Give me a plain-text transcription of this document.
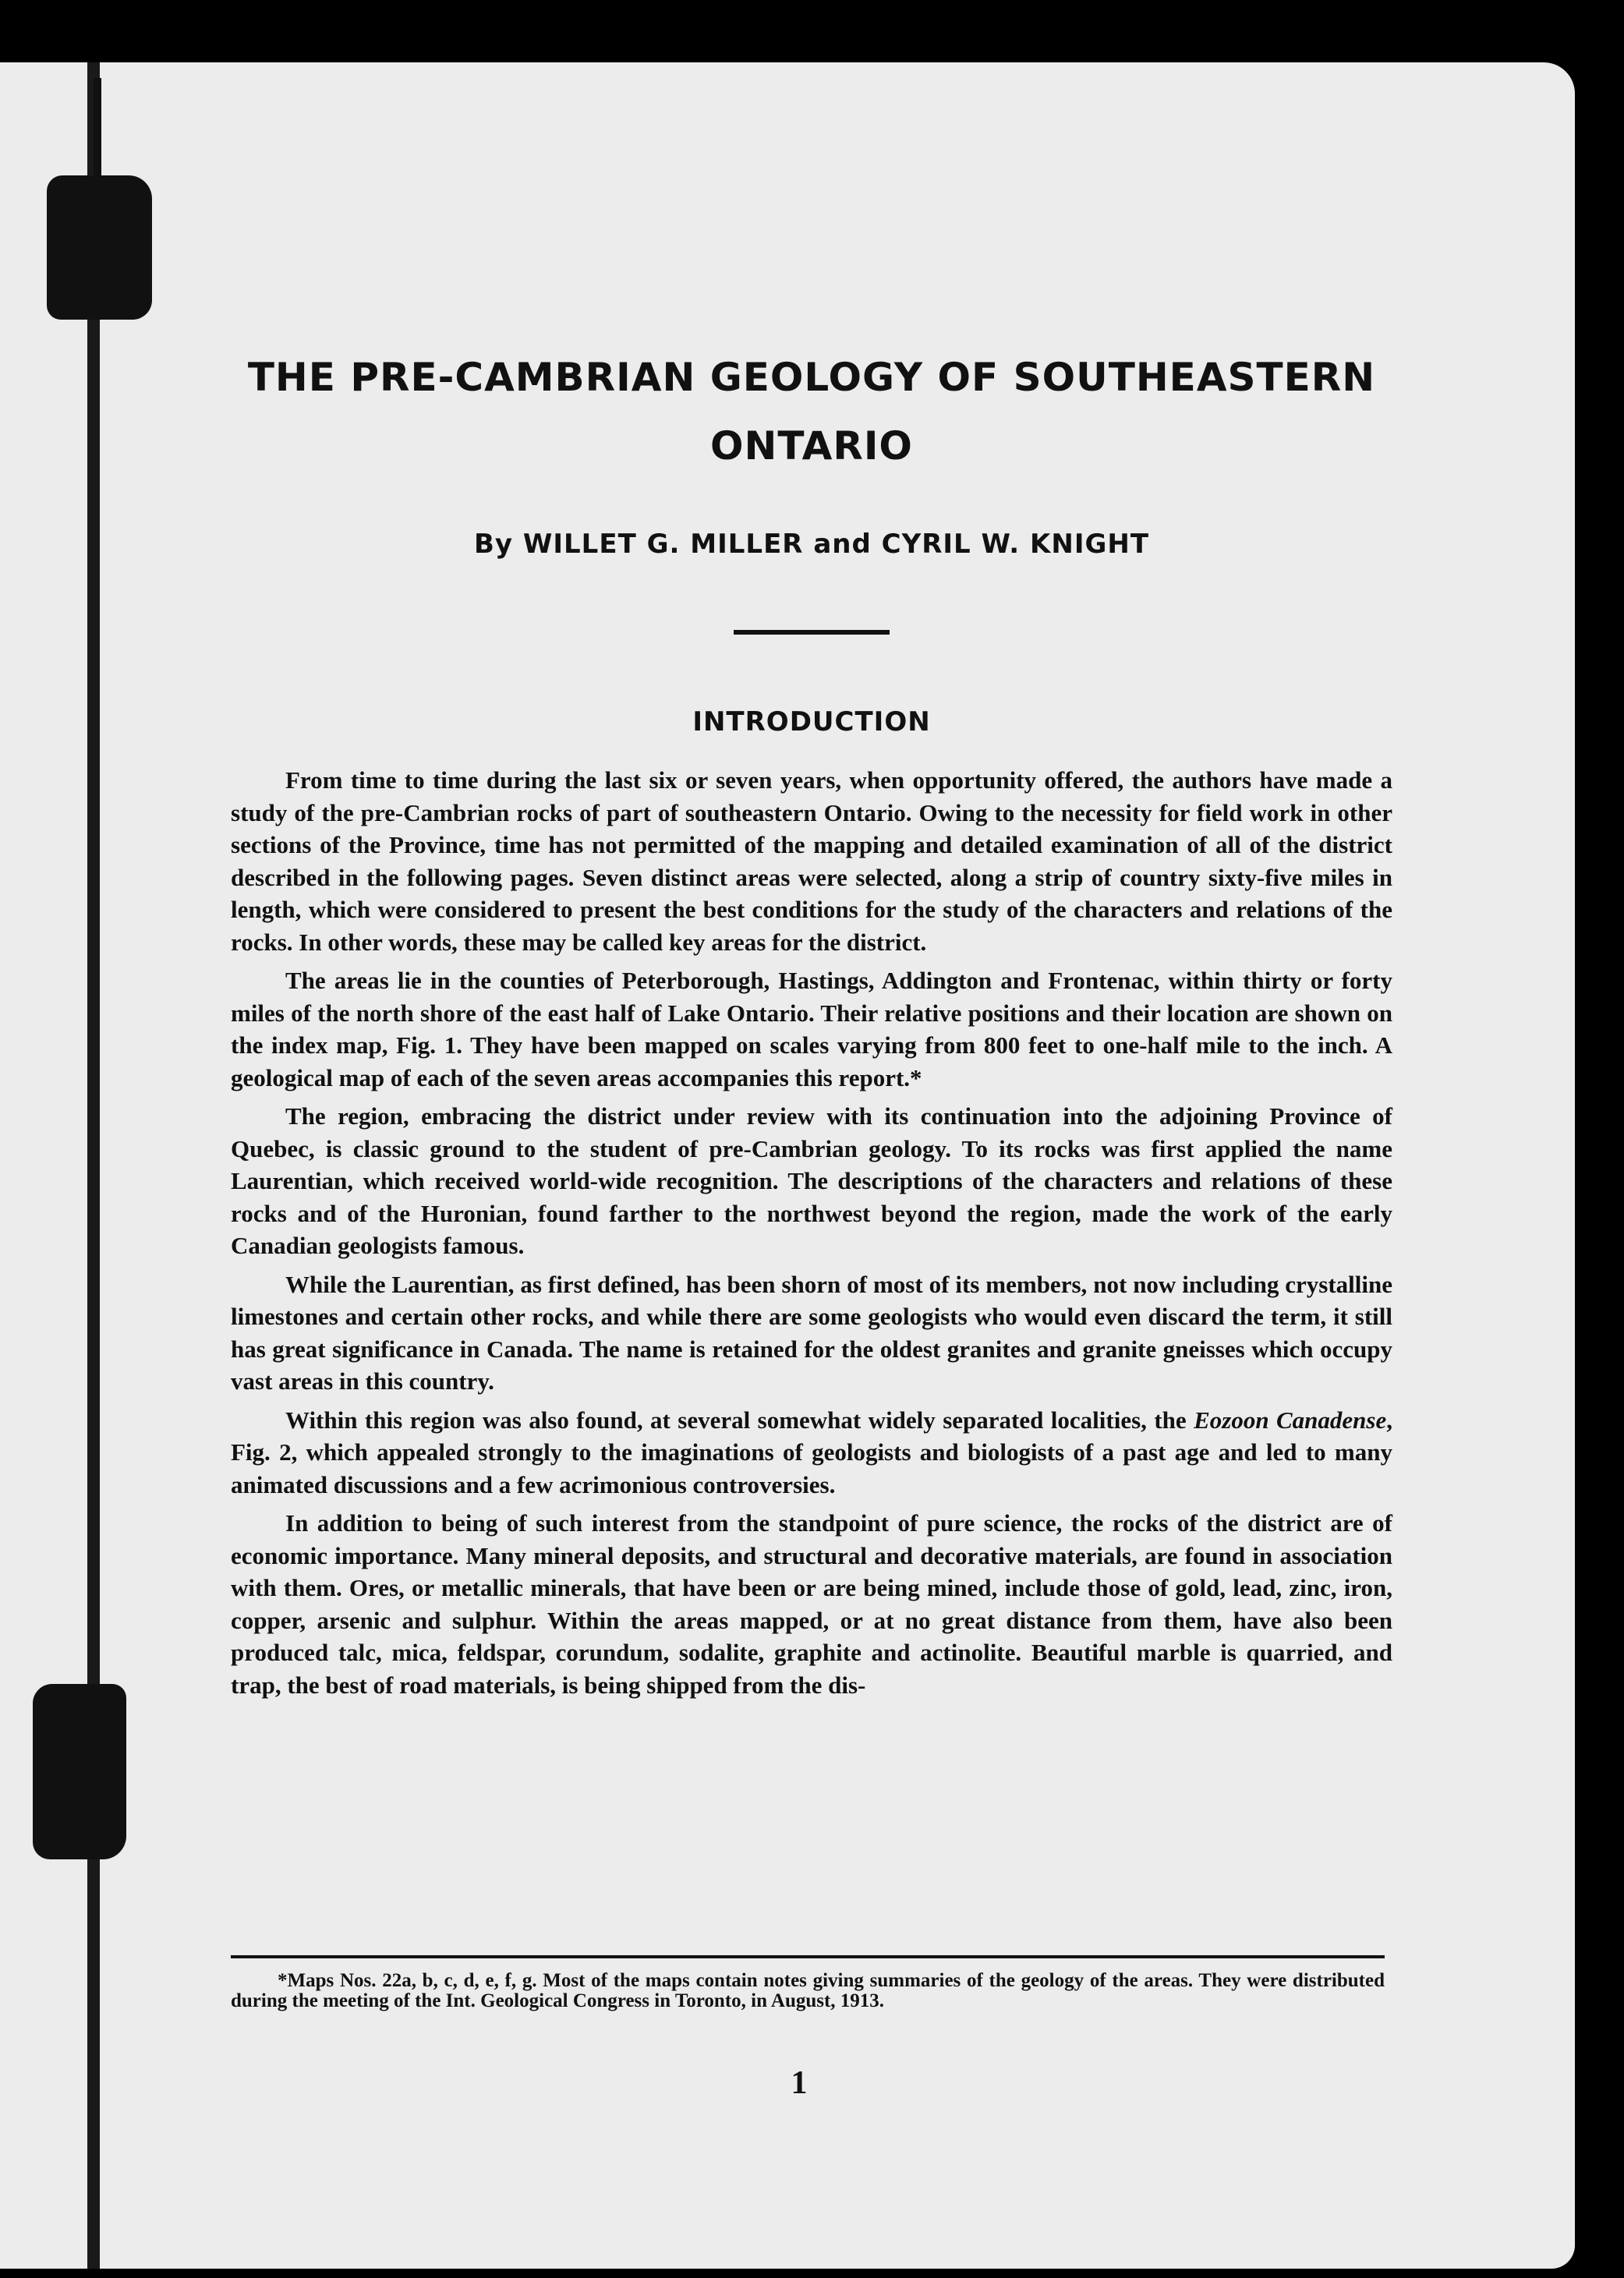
THE PRE-CAMBRIAN GEOLOGY OF SOUTHEASTERN ONTARIO
By WILLET G. MILLER and CYRIL W. KNIGHT
INTRODUCTION

From time to time during the last six or seven years, when opportunity offered, the authors have made a study of the pre-Cambrian rocks of part of southeastern Ontario. Owing to the necessity for field work in other sections of the Province, time has not permitted of the mapping and detailed examination of all of the district described in the following pages. Seven distinct areas were selected, along a strip of country sixty-five miles in length, which were considered to present the best conditions for the study of the characters and relations of the rocks. In other words, these may be called key areas for the district.

The areas lie in the counties of Peterborough, Hastings, Addington and Frontenac, within thirty or forty miles of the north shore of the east half of Lake Ontario. Their relative positions and their location are shown on the index map, Fig. 1. They have been mapped on scales varying from 800 feet to one-half mile to the inch. A geological map of each of the seven areas accompanies this report.*

The region, embracing the district under review with its continuation into the adjoining Province of Quebec, is classic ground to the student of pre-Cambrian geology. To its rocks was first applied the name Laurentian, which received world-wide recognition. The descriptions of the characters and relations of these rocks and of the Huronian, found farther to the northwest beyond the region, made the work of the early Canadian geologists famous.

While the Laurentian, as first defined, has been shorn of most of its members, not now including crystalline limestones and certain other rocks, and while there are some geologists who would even discard the term, it still has great significance in Canada. The name is retained for the oldest granites and granite gneisses which occupy vast areas in this country.

Within this region was also found, at several somewhat widely separated localities, the Eozoon Canadense, Fig. 2, which appealed strongly to the imaginations of geologists and biologists of a past age and led to many animated discussions and a few acrimonious controversies.

In addition to being of such interest from the standpoint of pure science, the rocks of the district are of economic importance. Many mineral deposits, and structural and decorative materials, are found in association with them. Ores, or metallic minerals, that have been or are being mined, include those of gold, lead, zinc, iron, copper, arsenic and sulphur. Within the areas mapped, or at no great distance from them, have also been produced talc, mica, feldspar, corundum, sodalite, graphite and actinolite. Beautiful marble is quarried, and trap, the best of road materials, is being shipped from the dis-

*Maps Nos. 22a, b, c, d, e, f, g. Most of the maps contain notes giving summaries of the geology of the areas. They were distributed during the meeting of the Int. Geological Congress in Toronto, in August, 1913.
1
